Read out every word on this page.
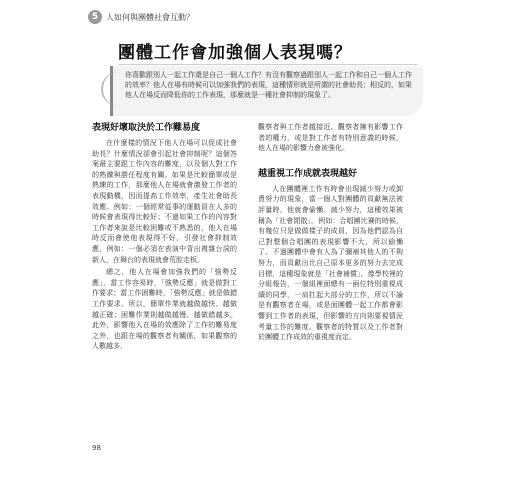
5 人如何與團體社會互動？
團體工作會加強個人表現嗎？
你喜歡跟別人一起工作還是自己一個人工作？有沒有觀察過跟別人一起工作和自己一個人工作的效率？他人在場有時候可以加強我們的表現，這種情形就是所謂的社會助長；相反的，如果他人在場反而降低你的工作表現，那麼就是一種社會抑制的現象了。
表現好壞取決於工作難易度

在什麼樣的情況下他人在場可以促成社會助長？什麼情況卻會引起社會抑制呢？這個答案最主要跟工作內容的難度，以及個人對工作的熟練與勝任程度有關。如果是比較簡單或是熟練的工作，那麼他人在場就會激發工作者的表現動機，因而提高工作效率，產生社會助長效應。例如：一個經常從事的運動員在人多的時候會表現得比較好；不過如果工作的內容對工作者來說是比較困難或不熟悉的，他人在場時反而會使他表現得不好，引發社會抑制效應，例如：一個必須在表演中背出複雜台詞的新人，在舞台的表現就會荒腔走板。

總之，他人在場會加強我們的「強勢反應」，當工作容易時，「強勢反應」就是做對工作要求；當工作困難時，「強勢反應」就是做錯工作要求。所以，簡單作業就越做越快、越做越正確；困難作業則越做越慢、越做錯越多。此外，影響他人在場的效應除了工作的難易度之外，也跟在場的觀察者有關係，如果觀察的人數越多，

觀察者與工作者越接近、觀察者擁有影響工作者的權力，或是對工作者有特別意義的時候，他人在場的影響力會被強化。

越重視工作成就表現越好

人在團體裡工作有時會出現減少努力或卸責努力的現象，當一個人對團體的貢獻無法被評量時，他就會偷懶、減少努力，這種效果被稱為「社會閒散」。例如：合唱團比賽的時候，有幾位只是做做樣子的成員，因為他們認為自己對整個合唱團的表現影響不大，所以偷懶了。不過團體中會有人為了彌補其他人的不夠努力，而貢獻出比自己原本更多的努力去完成目標，這種現象就是「社會補償」，像學校裡的分組報告，一個組裡面總有一兩位特別重視成績的同學，一肩扛起大部分的工作，所以不論是有觀察者在場，或是面團體一起工作都會影響到工作者的表現，但影響的方向則要視情況考量工作的難度、觀察者的特質以及工作者對於團體工作成效的重視度而定。

98
